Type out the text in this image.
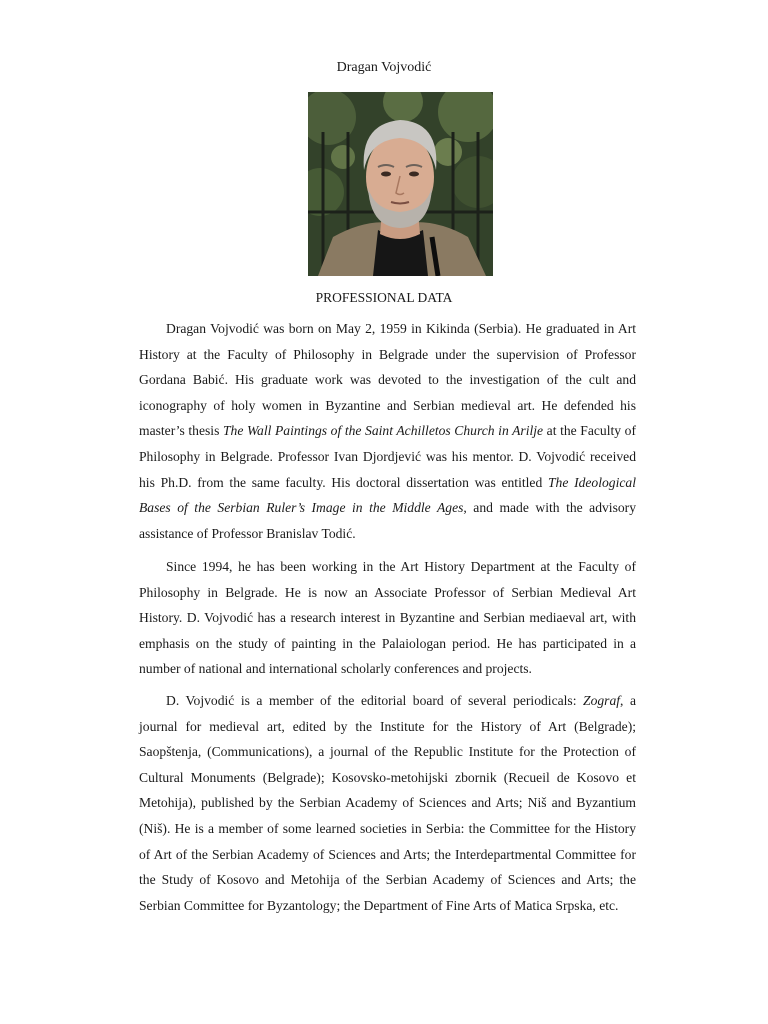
Dragan Vojvodić
PROFESSIONAL DATA

Dragan Vojvodić was born on May 2, 1959 in Kikinda (Serbia). He graduated in Art History at the Faculty of Philosophy in Belgrade under the supervision of Professor Gordana Babić. His graduate work was devoted to the investigation of the cult and iconography of holy women in Byzantine and Serbian medieval art. He defended his master’s thesis The Wall Paintings of the Saint Achilletos Church in Arilje at the Faculty of Philosophy in Belgrade. Professor Ivan Djordjević was his mentor. D. Vojvodić received his Ph.D. from the same faculty. His doctoral dissertation was entitled The Ideological Bases of the Serbian Ruler’s Image in the Middle Ages, and made with the advisory assistance of Professor Branislav Todić.

Since 1994, he has been working in the Art History Department at the Faculty of Philosophy in Belgrade. He is now an Associate Professor of Serbian Medieval Art History. D. Vojvodić has a research interest in Byzantine and Serbian mediaeval art, with emphasis on the study of painting in the Palaiologan period. He has participated in a number of national and international scholarly conferences and projects.

D. Vojvodić is a member of the editorial board of several periodicals: Zograf, a journal for medieval art, edited by the Institute for the History of Art (Belgrade); Saopštenja, (Communications), a journal of the Republic Institute for the Protection of Cultural Monuments (Belgrade); Kosovsko-metohijski zbornik (Recueil de Kosovo et Metohija), published by the Serbian Academy of Sciences and Arts; Niš and Byzantium (Niš). He is a member of some learned societies in Serbia: the Committee for the History of Art of the Serbian Academy of Sciences and Arts; the Interdepartmental Committee for the Study of Kosovo and Metohija of the Serbian Academy of Sciences and Arts; the Serbian Committee for Byzantology; the Department of Fine Arts of Matica Srpska, etc.
